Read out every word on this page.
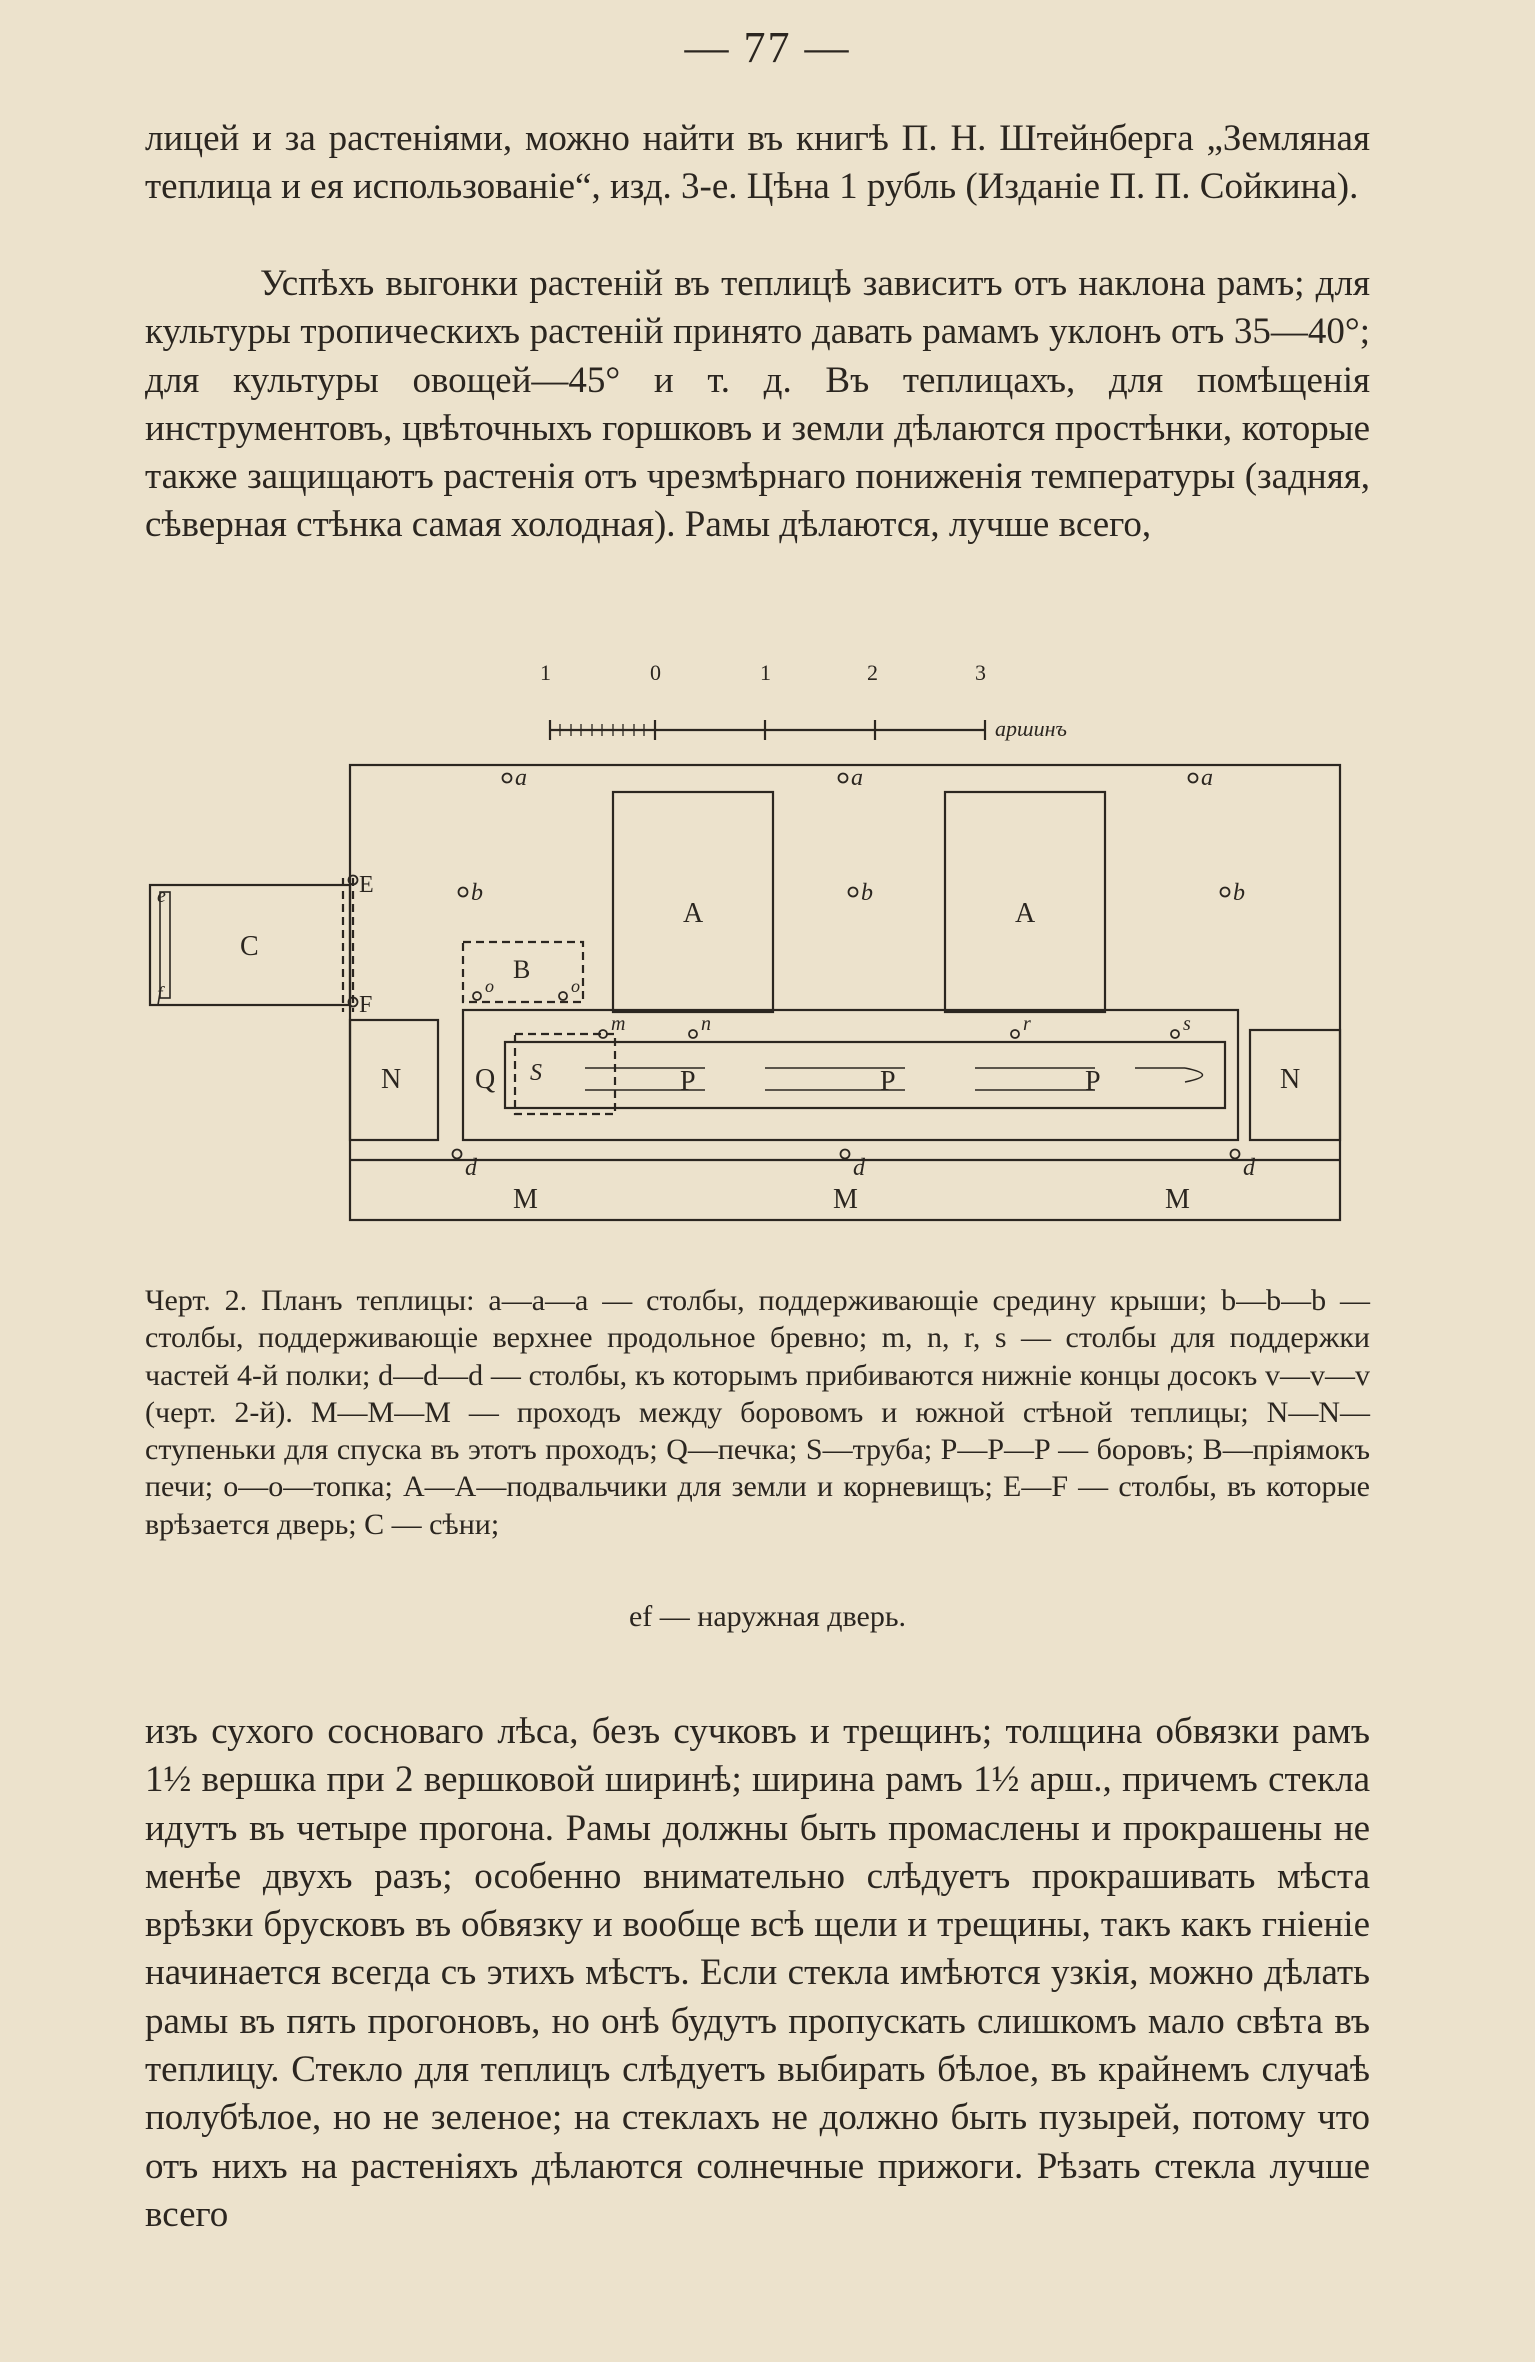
— 77 —

лицей и за растеніями, можно найти въ книгѣ П. Н. Штейнберга „Земляная теплица и ея использованіе“, изд. 3-е. Цѣна 1 рубль (Изданіе П. П. Сойкина).

Успѣхъ выгонки растеній въ теплицѣ зависитъ отъ наклона рамъ; для культуры тропическихъ растеній принято давать рамамъ уклонъ отъ 35—40°; для культуры овощей—45° и т. д. Въ теплицахъ, для помѣщенія инструментовъ, цвѣточныхъ горшковъ и земли дѣлаются простѣнки, которые также защищаютъ растенія отъ чрезмѣрнаго пониженія температуры (задняя, сѣверная стѣнка самая холодная). Рамы дѣлаются, лучше всего,

1	0	1	2	3
аршинъ
a	a	a
b	b	b
e
f	o	o
m	n	r	s
d	d	d
S
A	A
C
E
F
B
N	N
Q	P	P	P
M	M	M

Черт. 2. Планъ теплицы: a—a—a — столбы, поддерживающіе средину крыши; b—b—b — столбы, поддерживающіе верхнее продольное бревно; m, n, r, s — столбы для поддержки частей 4-й полки; d—d—d — столбы, къ которымъ прибиваются нижніе концы досокъ v—v—v (черт. 2-й). M—M—M — проходъ между боровомъ и южной стѣной теплицы; N—N—ступеньки для спуска въ этотъ проходъ; Q—печка; S—труба; P—P—P — боровъ; B—пріямокъ печи; o—o—топка; A—A—подвальчики для земли и корневищъ; E—F — столбы, въ которые врѣзается дверь; C — сѣни;

ef — наружная дверь.

изъ сухого сосноваго лѣса, безъ сучковъ и трещинъ; толщина обвязки рамъ 1½ вершка при 2 вершковой ширинѣ; ширина рамъ 1½ арш., причемъ стекла идутъ въ четыре прогона. Рамы должны быть промаслены и прокрашены не менѣе двухъ разъ; особенно внимательно слѣдуетъ прокрашивать мѣста врѣзки брусковъ въ обвязку и вообще всѣ щели и трещины, такъ какъ гніеніе начинается всегда съ этихъ мѣстъ. Если стекла имѣются узкія, можно дѣлать рамы въ пять прогоновъ, но онѣ будутъ пропускать слишкомъ мало свѣта въ теплицу. Стекло для теплицъ слѣдуетъ выбирать бѣлое, въ крайнемъ случаѣ полубѣлое, но не зеленое; на стеклахъ не должно быть пузырей, потому что отъ нихъ на растеніяхъ дѣлаются солнечные прижоги. Рѣзать стекла лучше всего
